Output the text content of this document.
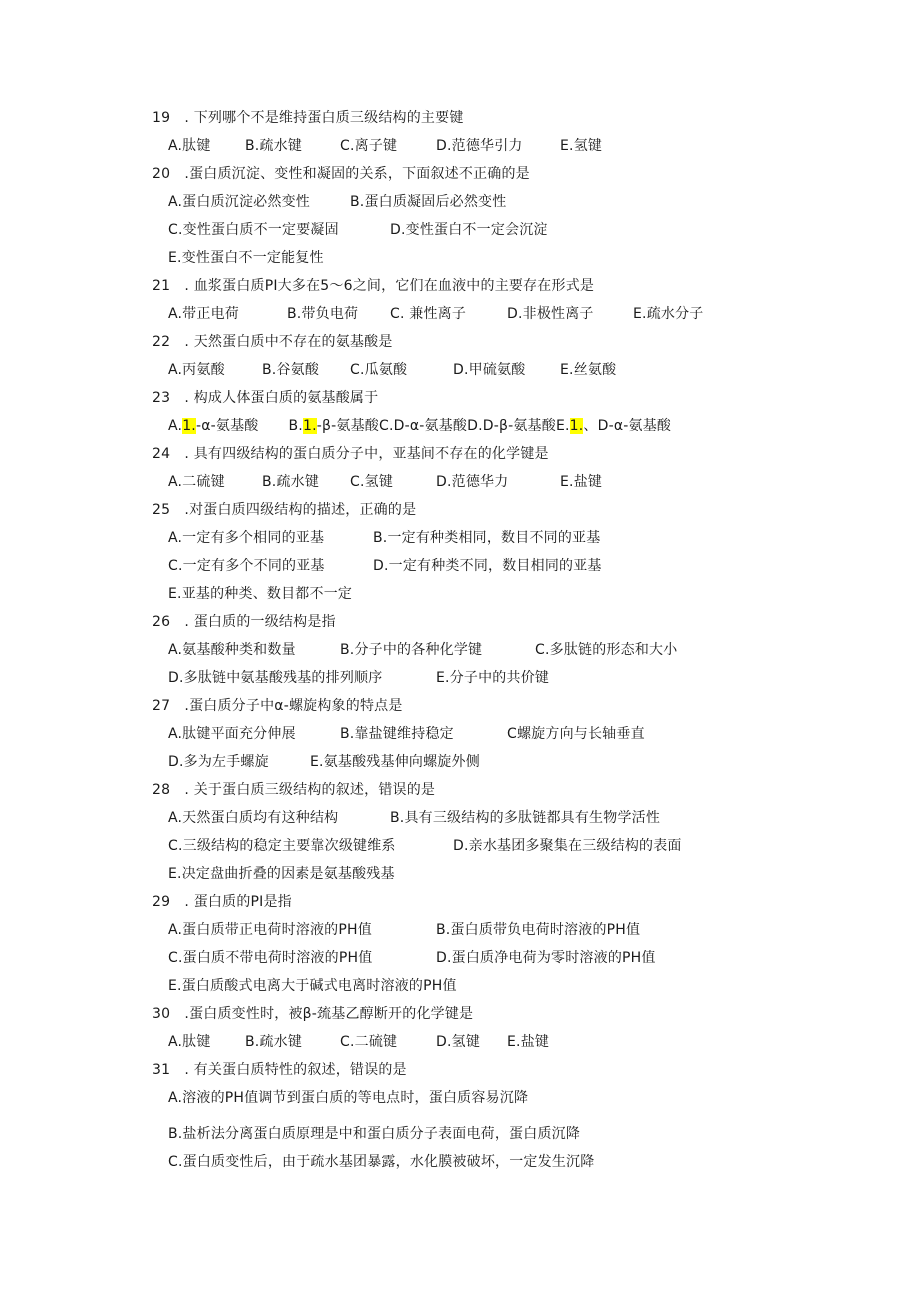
19　. 下列哪个不是维持蛋白质三级结构的主要键
A.肽键 B.疏水键	C.离子键	D.范德华引力	E.氢键
20　.蛋白质沉淀、变性和凝固的关系，下面叙述不正确的是
A.蛋白质沉淀必然变性	B.蛋白质凝固后必然变性
C.变性蛋白质不一定要凝固	D.变性蛋白不一定会沉淀
E.变性蛋白不一定能复性
21　. 血浆蛋白质PI大多在5～6之间，它们在血液中的主要存在形式是
A.带正电荷	B.带负电荷 C. 兼性离子	D.非极性离子	E.疏水分子
22　. 天然蛋白质中不存在的氨基酸是
A.丙氨酸	B.谷氨酸 C.瓜氨酸	D.甲硫氨酸 E.丝氨酸
23　. 构成人体蛋白质的氨基酸属于
A.1.-α-氨基酸 B.1.-β-氨基酸C.D-α-氨基酸D.D-β-氨基酸E.1.、D-α-氨基酸
24　. 具有四级结构的蛋白质分子中，亚基间不存在的化学键是
A.二硫键	B.疏水键 C.氢键	D.范德华力	E.盐键
25　.对蛋白质四级结构的描述，正确的是
A.一定有多个相同的亚基	B.一定有种类相同，数目不同的亚基
C.一定有多个不同的亚基	D.一定有种类不同，数目相同的亚基
E.亚基的种类、数目都不一定
26　. 蛋白质的一级结构是指
A.氨基酸种类和数量	B.分子中的各种化学键	C.多肽链的形态和大小
D.多肽链中氨基酸残基的排列顺序	E.分子中的共价键
27　.蛋白质分子中α-螺旋构象的特点是
A.肽键平面充分伸展	B.靠盐键维持稳定	C螺旋方向与长轴垂直
D.多为左手螺旋	E.氨基酸残基伸向螺旋外侧
28　. 关于蛋白质三级结构的叙述，错误的是
A.天然蛋白质均有这种结构	B.具有三级结构的多肽链都具有生物学活性
C.三级结构的稳定主要靠次级键维系	D.亲水基团多聚集在三级结构的表面
E.决定盘曲折叠的因素是氨基酸残基
29　. 蛋白质的PI是指
A.蛋白质带正电荷时溶液的PH值	B.蛋白质带负电荷时溶液的PH值
C.蛋白质不带电荷时溶液的PH值	D.蛋白质净电荷为零时溶液的PH值
E.蛋白质酸式电离大于碱式电离时溶液的PH值
30　.蛋白质变性时，被β-巯基乙醇断开的化学键是
A.肽键 B.疏水键	C.二硫键	D.氢键 E.盐键
31　. 有关蛋白质特性的叙述，错误的是
A.溶液的PH值调节到蛋白质的等电点时，蛋白质容易沉降
B.盐析法分离蛋白质原理是中和蛋白质分子表面电荷，蛋白质沉降
C.蛋白质变性后，由于疏水基团暴露，水化膜被破坏，一定发生沉降
